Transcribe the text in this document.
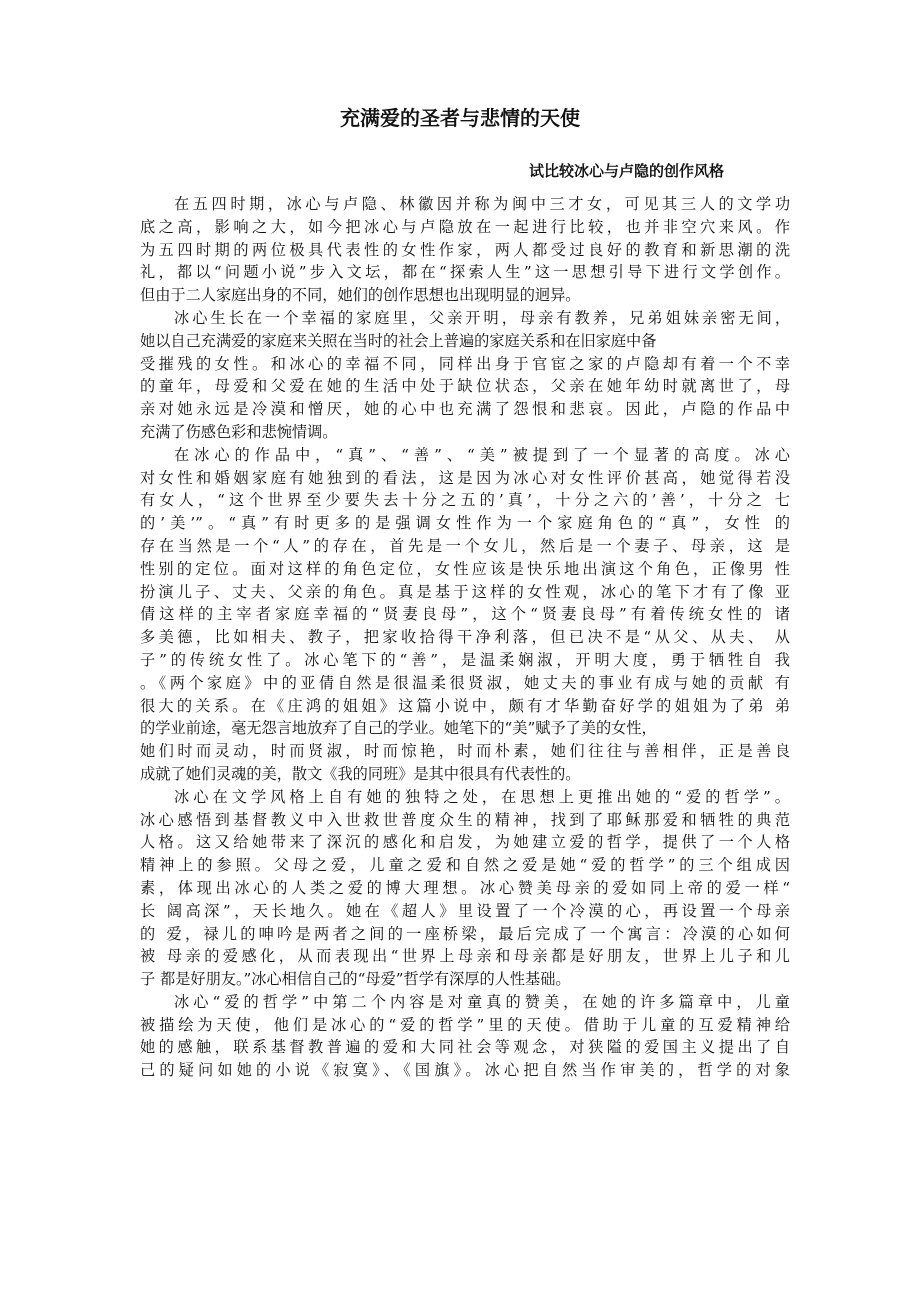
充满爱的圣者与悲情的天使
试比较冰心与卢隐的创作风格
在五四时期，冰心与卢隐、林徽因并称为闽中三才女，可见其三人的文学功
底之高，影响之大，如今把冰心与卢隐放在一起进行比较，也并非空穴来风。作
为五四时期的两位极具代表性的女性作家，两人都受过良好的教育和新思潮的洗
礼，都以“问题小说”步入文坛，都在“探索人生”这一思想引导下进行文学创作。
但由于二人家庭出身的不同，她们的创作思想也出现明显的迥异。
冰心生长在一个幸福的家庭里，父亲开明，母亲有教养，兄弟姐妹亲密无间，
她以自己充满爱的家庭来关照在当时的社会上普遍的家庭关系和在旧家庭中备
受摧残的女性。和冰心的幸福不同，同样出身于官宦之家的卢隐却有着一个不幸
的童年，母爱和父爱在她的生活中处于缺位状态，父亲在她年幼时就离世了，母
亲对她永远是冷漠和憎厌，她的心中也充满了怨恨和悲哀。因此，卢隐的作品中
充满了伤感色彩和悲惋情调。
在冰心的作品中，“真”、“善”、“美”被提到了一个显著的高度。冰心
对女性和婚姻家庭有她独到的看法，这是因为冰心对女性评价甚高，她觉得若没
有女人，“这个世界至少要失去十分之五的’真’，十分之六的’善’，十分之 七
的’美’”。“真”有时更多的是强调女性作为一个家庭角色的“真”，女性 的
存在当然是一个“人”的存在，首先是一个女儿，然后是一个妻子、母亲，这 是
性别的定位。面对这样的角色定位，女性应该是快乐地出演这个角色，正像男 性
扮演儿子、丈夫、父亲的角色。真是基于这样的女性观，冰心的笔下才有了像 亚
倩这样的主宰者家庭幸福的“贤妻良母”，这个“贤妻良母”有着传统女性的 诸
多美德，比如相夫、教子，把家收拾得干净利落，但已决不是“从父、从夫、 从
子”的传统女性了。冰心笔下的“善”，是温柔娴淑，开明大度，勇于牺牲自 我
。《两个家庭》中的亚倩自然是很温柔很贤淑，她丈夫的事业有成与她的贡献 有
很大的关系。在《庄鸿的姐姐》这篇小说中，颇有才华勤奋好学的姐姐为了弟 弟
的学业前途，毫无怨言地放弃了自己的学业。她笔下的“美”赋予了美的女性，
她们时而灵动，时而贤淑，时而惊艳，时而朴素，她们往往与善相伴，正是善良
成就了她们灵魂的美，散文《我的同班》是其中很具有代表性的。
冰心在文学风格上自有她的独特之处，在思想上更推出她的“爱的哲学”。
冰心感悟到基督教义中入世救世普度众生的精神，找到了耶稣那爱和牺牲的典范
人格。这又给她带来了深沉的感化和启发，为她建立爱的哲学，提供了一个人格
精神上的参照。父母之爱，儿童之爱和自然之爱是她“爱的哲学”的三个组成因
素，体现出冰心的人类之爱的博大理想。冰心赞美母亲的爱如同上帝的爱一样“
长 阔高深”，天长地久。她在《超人》里设置了一个冷漠的心，再设置一个母亲
的 爱，禄儿的呻吟是两者之间的一座桥梁，最后完成了一个寓言：冷漠的心如何
被 母亲的爱感化，从而表现出“世界上母亲和母亲都是好朋友，世界上儿子和儿
子 都是好朋友。”冰心相信自己的“母爱”哲学有深厚的人性基础。
冰心“爱的哲学”中第二个内容是对童真的赞美，在她的许多篇章中，儿童
被描绘为天使，他们是冰心的“爱的哲学”里的天使。借助于儿童的互爱精神给
她的感触，联系基督教普遍的爱和大同社会等观念，对狭隘的爱国主义提出了自
己的疑问如她的小说《寂寞》、《国旗》。冰心把自然当作审美的，哲学的对象
